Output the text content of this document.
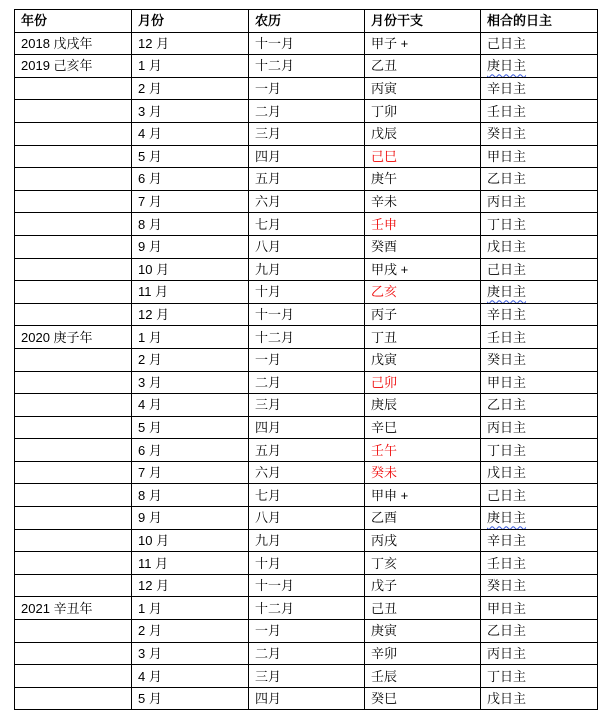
年份	月份	农历	月份干支	相合的日主
2018 戊戌年	12 月	十一月	甲子 +	己日主
2019 己亥年	1 月	十二月	乙丑	庚日主
	2 月	一月	丙寅	辛日主
	3 月	二月	丁卯	壬日主
	4 月	三月	戊辰	癸日主
	5 月	四月	己巳	甲日主
	6 月	五月	庚午	乙日主
	7 月	六月	辛未	丙日主
	8 月	七月	壬申	丁日主
	9 月	八月	癸酉	戊日主
	10 月	九月	甲戌 +	己日主
	11 月	十月	乙亥	庚日主
	12 月	十一月	丙子	辛日主
2020 庚子年	1 月	十二月	丁丑	壬日主
	2 月	一月	戊寅	癸日主
	3 月	二月	己卯	甲日主
	4 月	三月	庚辰	乙日主
	5 月	四月	辛巳	丙日主
	6 月	五月	壬午	丁日主
	7 月	六月	癸未	戊日主
	8 月	七月	甲申 +	己日主
	9 月	八月	乙酉	庚日主
	10 月	九月	丙戌	辛日主
	11 月	十月	丁亥	壬日主
	12 月	十一月	戊子	癸日主
2021 辛丑年	1 月	十二月	己丑	甲日主
	2 月	一月	庚寅	乙日主
	3 月	二月	辛卯	丙日主
	4 月	三月	壬辰	丁日主
	5 月	四月	癸巳	戊日主
